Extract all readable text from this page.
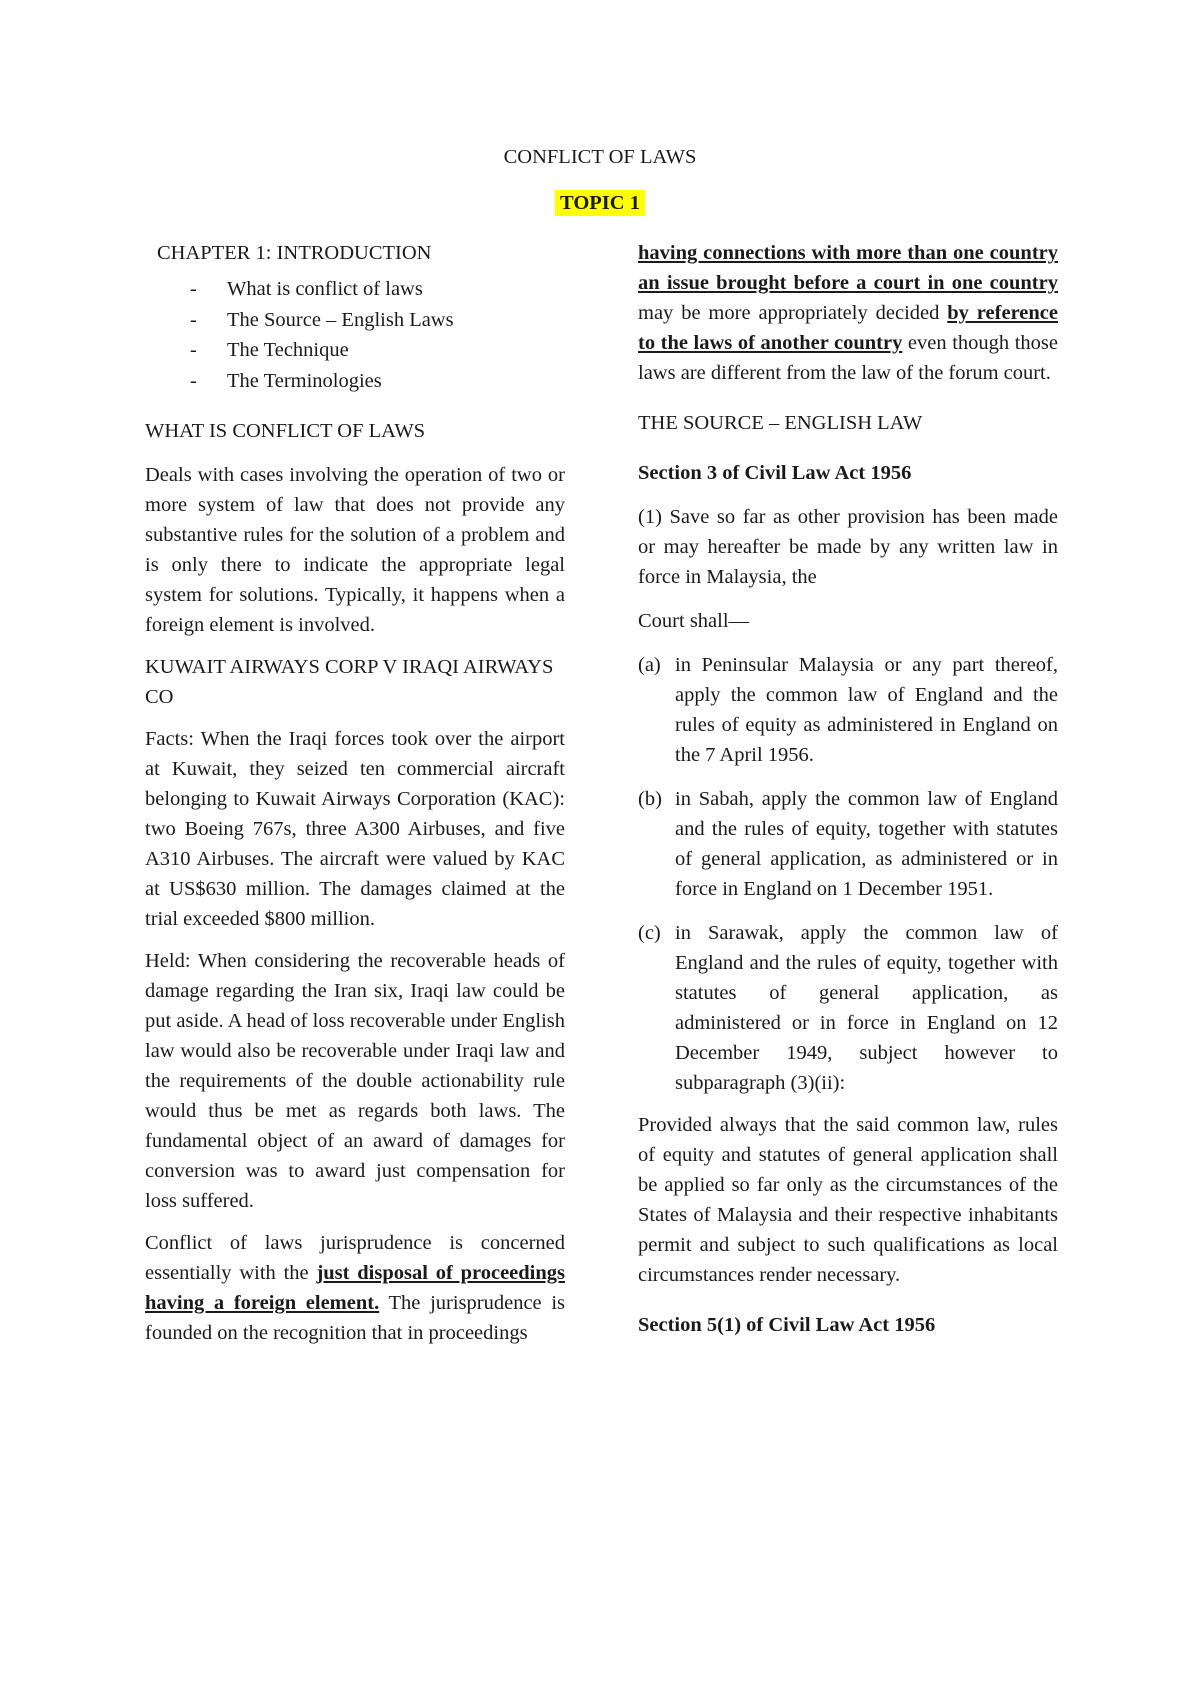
CONFLICT OF LAWS
TOPIC 1

CHAPTER 1: INTRODUCTION

- What is conflict of laws
- The Source – English Laws
- The Technique
- The Terminologies

WHAT IS CONFLICT OF LAWS

Deals with cases involving the operation of two or more system of law that does not provide any substantive rules for the solution of a problem and is only there to indicate the appropriate legal system for solutions. Typically, it happens when a foreign element is involved.

KUWAIT AIRWAYS CORP V IRAQI AIRWAYS CO

Facts: When the Iraqi forces took over the airport at Kuwait, they seized ten commercial aircraft belonging to Kuwait Airways Corporation (KAC): two Boeing 767s, three A300 Airbuses, and five A310 Airbuses. The aircraft were valued by KAC at US$630 million. The damages claimed at the trial exceeded $800 million.

Held: When considering the recoverable heads of damage regarding the Iran six, Iraqi law could be put aside. A head of loss recoverable under English law would also be recoverable under Iraqi law and the requirements of the double actionability rule would thus be met as regards both laws. The fundamental object of an award of damages for conversion was to award just compensation for loss suffered.

Conflict of laws jurisprudence is concerned essentially with the just disposal of proceedings having a foreign element. The jurisprudence is founded on the recognition that in proceedings

having connections with more than one country an issue brought before a court in one country may be more appropriately decided by reference to the laws of another country even though those laws are different from the law of the forum court.

THE SOURCE – ENGLISH LAW

Section 3 of Civil Law Act 1956

(1) Save so far as other provision has been made or may hereafter be made by any written law in force in Malaysia, the

Court shall—

(a) in Peninsular Malaysia or any part thereof, apply the common law of England and the rules of equity as administered in England on the 7 April 1956.
(b) in Sabah, apply the common law of England and the rules of equity, together with statutes of general application, as administered or in force in England on 1 December 1951.
(c) in Sarawak, apply the common law of England and the rules of equity, together with statutes of general application, as administered or in force in England on 12 December 1949, subject however to subparagraph (3)(ii):

Provided always that the said common law, rules of equity and statutes of general application shall be applied so far only as the circumstances of the States of Malaysia and their respective inhabitants permit and subject to such qualifications as local circumstances render necessary.

Section 5(1) of Civil Law Act 1956
